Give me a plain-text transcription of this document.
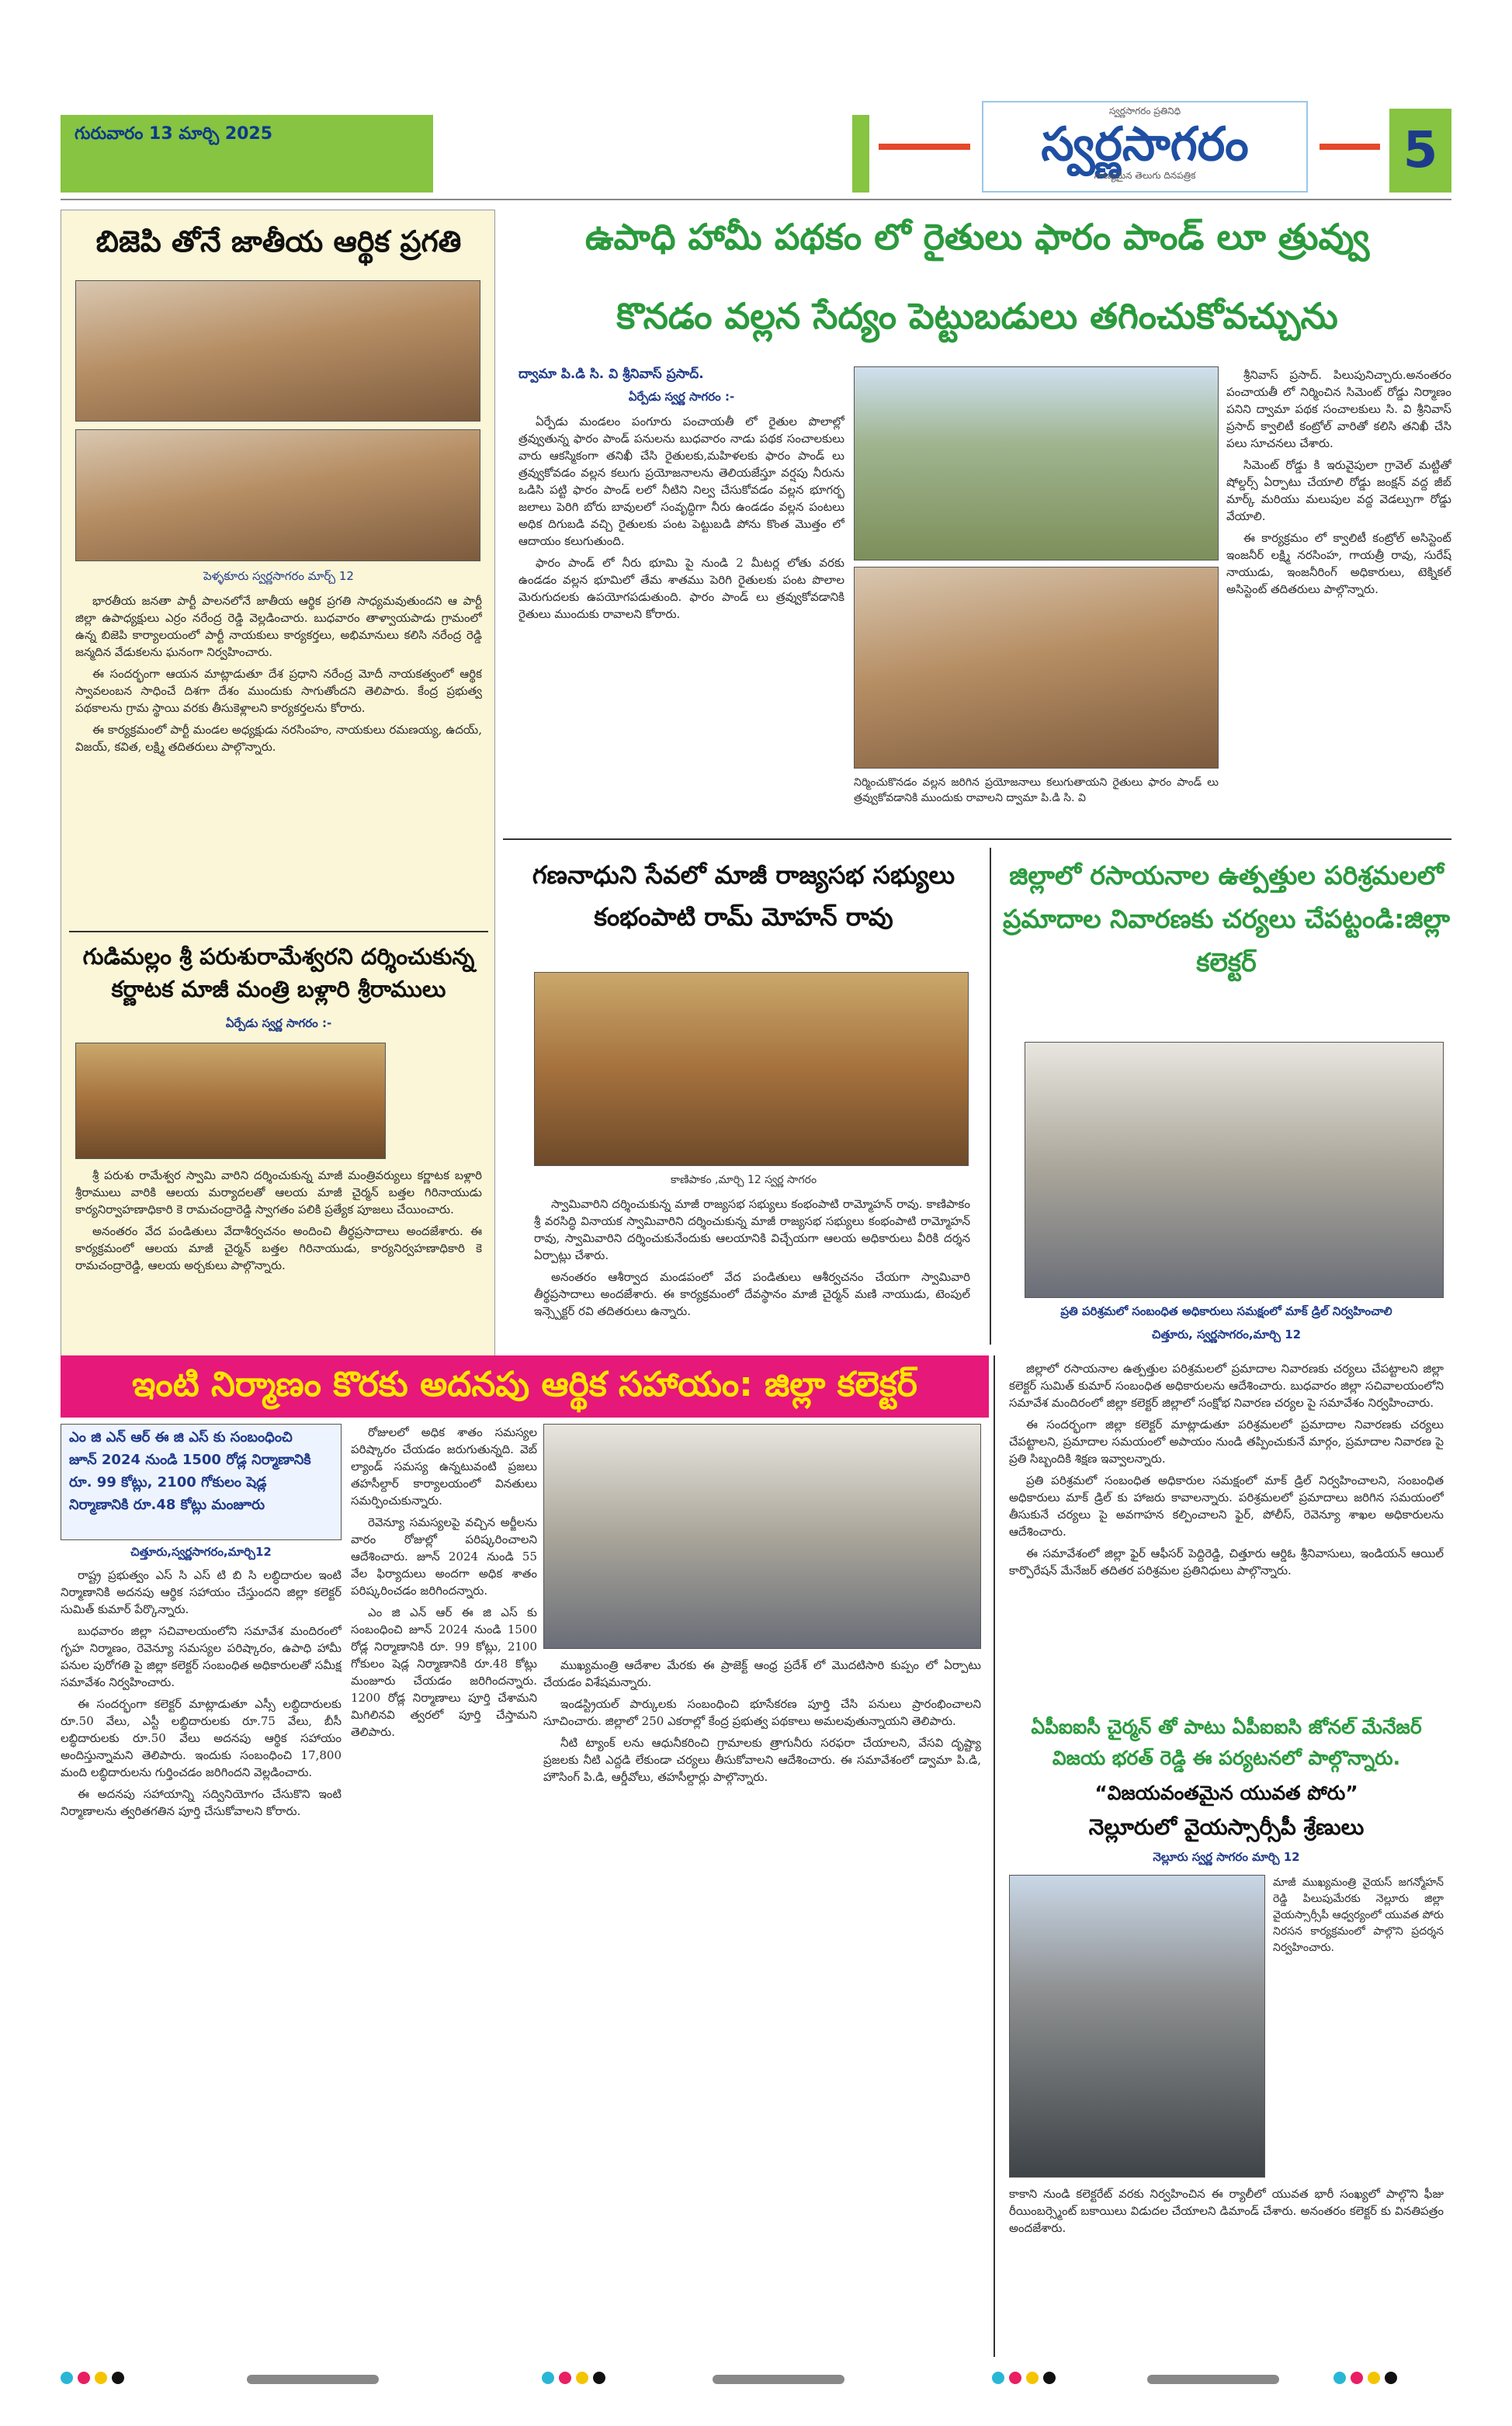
గురువారం 13 మార్చి 2025
స్వర్ణసాగరం ప్రతినిధి
స్వర్ణసాగరం
నాణ్యమైన తెలుగు దినపత్రిక	5
బిజెపి తోనే జాతీయ ఆర్థిక ప్రగతి
పెళ్ళకూరు స్వర్ణసాగరం మార్చ్ 12

భారతీయ జనతా పార్టీ పాలనలోనే జాతీయ ఆర్థిక ప్రగతి సాధ్యమవుతుందని ఆ పార్టీ జిల్లా ఉపాధ్యక్షులు ఎర్రం నరేంద్ర రెడ్డి వెల్లడించారు. బుధవారం తాళ్వాయపాడు గ్రామంలో ఉన్న బిజెపి కార్యాలయంలో పార్టీ నాయకులు కార్యకర్తలు, అభిమానులు కలిసి నరేంద్ర రెడ్డి జన్మదిన వేడుకలను ఘనంగా నిర్వహించారు.

ఈ సందర్భంగా ఆయన మాట్లాడుతూ దేశ ప్రధాని నరేంద్ర మోదీ నాయకత్వంలో ఆర్థిక స్వావలంబన సాధించే దిశగా దేశం ముందుకు సాగుతోందని తెలిపారు. కేంద్ర ప్రభుత్వ పథకాలను గ్రామ స్థాయి వరకు తీసుకెళ్లాలని కార్యకర్తలను కోరారు.

ఈ కార్యక్రమంలో పార్టీ మండల అధ్యక్షుడు నరసింహం, నాయకులు రమణయ్య, ఉదయ్, విజయ్, కవిత, లక్ష్మి తదితరులు పాల్గొన్నారు.

గుడిమల్లం శ్రీ పరుశురామేశ్వరని దర్శించుకున్న కర్ణాటక మాజీ మంత్రి బళ్లారి శ్రీరాములు
ఏర్పేడు స్వర్ణ సాగరం :-

శ్రీ పరుశు రామేశ్వర స్వామి వారిని దర్శించుకున్న మాజీ మంత్రివర్యులు కర్ణాటక బళ్లారి శ్రీరాములు వారికి ఆలయ మర్యాదలతో ఆలయ మాజీ చైర్మన్ బత్తల గిరినాయుడు కార్యనిర్వాహణాధికారి కె రామచంద్రారెడ్డి స్వాగతం పలికి ప్రత్యేక పూజలు చేయించారు.

అనంతరం వేద పండితులు వేదాశీర్వచనం అందించి తీర్థప్రసాదాలు అందజేశారు. ఈ కార్యక్రమంలో ఆలయ మాజీ చైర్మన్ బత్తల గిరినాయుడు, కార్యనిర్వహణాధికారి కె రామచంద్రారెడ్డి, ఆలయ అర్చకులు పాల్గొన్నారు.

ఉపాధి హామీ పథకం లో రైతులు ఫారం పాండ్ లూ త్రువ్వు
కొనడం వల్లన సేద్యం పెట్టుబడులు తగించుకోవచ్చును
ద్వామా పి.డి సి. వి శ్రీనివాస్ ప్రసాద్.
ఏర్పేడు స్వర్ణ సాగరం :-

ఏర్పేడు మండలం పంగూరు పంచాయతీ లో రైతుల పొలాల్లో త్రవ్వుతున్న ఫారం పాండ్ పనులను బుధవారం నాడు పథక సంచాలకులు వారు ఆకస్మికంగా తనిఖీ చేసి రైతులకు,మహిళలకు ఫారం పాండ్ లు త్రవ్వుకోవడం వల్లన కలుగు ప్రయోజనాలను తెలియజేస్తూ వర్షపు నీరును ఒడిసి పట్టి ఫారం పాండ్ లలో నీటిని నిల్వ చేసుకోవడం వల్లన భూగర్భ జలాలు పెరిగి బోరు బావులలో సంవృద్ధిగా నీరు ఉండడం వల్లన పంటలు అధిక దిగుబడి వచ్చి రైతులకు పంట పెట్టుబడి పోను కొంత మొత్తం లో ఆదాయం కలుగుతుంది.

ఫారం పాండ్ లో నీరు భూమి పై నుండి 2 మీటర్ల లోతు వరకు ఉండడం వల్లన భూమిలో తేమ శాతము పెరిగి రైతులకు పంట పొలాల మెరుగుదలకు ఉపయోగపడుతుంది. ఫారం పాండ్ లు త్రవ్వుకోవడానికి రైతులు ముందుకు రావాలని కోరారు.

నిర్మించుకొనడం వల్లన జరిగిన ప్రయోజనాలు కలుగుతాయని రైతులు ఫారం పాండ్ లు త్రవ్వుకోవడానికి ముందుకు రావాలని ద్వామా పి.డి సి. వి

శ్రీనివాస్ ప్రసాద్. పిలుపునిచ్చారు.అనంతరం పంచాయతీ లో నిర్మించిన సిమెంట్ రోడ్డు నిర్మాణం పనిని ద్వామా పథక సంచాలకులు సి. వి శ్రీనివాస్ ప్రసాద్ క్వాలిటీ కంట్రోల్ వారితో కలిసి తనిఖీ చేసి పలు సూచనలు చేశారు.

సిమెంట్ రోడ్డు కి ఇరువైపులా గ్రావెల్ మట్టితో షోల్డర్స్ ఏర్పాటు చేయాలి రోడ్డు జంక్షన్ వద్ద జీబ్ మార్క్ మరియు మలుపుల వద్ద వెడల్పుగా రోడ్డు వేయాలి.

ఈ కార్యక్రమం లో క్వాలిటీ కంట్రోల్ అసిస్టెంట్ ఇంజనీర్ లక్ష్మి నరసింహ, గాయత్రీ రావు, సురేష్ నాయుడు, ఇంజనీరింగ్ అధికారులు, టెక్నికల్ అసిస్టెంట్ తదితరులు పాల్గొన్నారు.

గణనాధుని సేవలో మాజీ రాజ్యసభ సభ్యులు కంభంపాటి రామ్ మోహన్ రావు
కాణిపాకం ,మార్చి 12 స్వర్ణ సాగరం

స్వామివారిని దర్శించుకున్న మాజీ రాజ్యసభ సభ్యులు కంభంపాటి రామ్మోహన్ రావు. కాణిపాకం శ్రీ వరసిద్ధి వినాయక స్వామివారిని దర్శించుకున్న మాజీ రాజ్యసభ సభ్యులు కంభంపాటి రామ్మోహన్ రావు, స్వామివారిని దర్శించుకునేందుకు ఆలయానికి విచ్చేయగా ఆలయ అధికారులు వీరికి దర్శన ఏర్పాట్లు చేశారు.

అనంతరం ఆశీర్వాద మండపంలో వేద పండితులు ఆశీర్వచనం చేయగా స్వామివారి తీర్థప్రసాదాలు అందజేశారు. ఈ కార్యక్రమంలో దేవస్థానం మాజీ చైర్మన్ మణి నాయుడు, టెంపుల్ ఇన్స్పెక్టర్ రవి తదితరులు ఉన్నారు.

జిల్లాలో రసాయనాల ఉత్పత్తుల పరిశ్రమలలో ప్రమాదాల నివారణకు చర్యలు చేపట్టండి:జిల్లా కలెక్టర్
ప్రతి పరిశ్రమలో సంబంధిత అధికారులు సమక్షంలో మాక్ డ్రిల్ నిర్వహించాలి
చిత్తూరు, స్వర్ణసాగరం,మార్చి 12
ఇంటి నిర్మాణం కొరకు అదనపు ఆర్థిక సహాయం: జిల్లా కలెక్టర్	జిల్లాలో రసాయనాల ఉత్పత్తుల పరిశ్రమలలో ప్రమాదాల నివారణకు చర్యలు చేపట్టాలని జిల్లా కలెక్టర్ సుమిత్ కుమార్ సంబంధిత అధికారులను ఆదేశించారు. బుధవారం జిల్లా సచివాలయంలోని సమావేశ మందిరంలో జిల్లా కలెక్టర్ జిల్లాలో సంక్షోభ నివారణ చర్యల పై సమావేశం నిర్వహించారు.

ఈ సందర్భంగా జిల్లా కలెక్టర్ మాట్లాడుతూ పరిశ్రమలలో ప్రమాదాల నివారణకు చర్యలు చేపట్టాలని, ప్రమాదాల సమయంలో అపాయం నుండి తప్పించుకునే మార్గం, ప్రమాదాల నివారణ పై ప్రతి సిబ్బందికి శిక్షణ ఇవ్వాలన్నారు.

ప్రతి పరిశ్రమలో సంబంధిత అధికారుల సమక్షంలో మాక్ డ్రిల్ నిర్వహించాలని, సంబంధిత అధికారులు మాక్ డ్రిల్ కు హాజరు కావాలన్నారు. పరిశ్రమలలో ప్రమాదాలు జరిగిన సమయంలో తీసుకునే చర్యలు పై అవగాహన కల్పించాలని ఫైర్, పోలీస్, రెవెన్యూ శాఖల అధికారులను ఆదేశించారు.

ఈ సమావేశంలో జిల్లా ఫైర్ ఆఫీసర్ పెద్దిరెడ్డి, చిత్తూరు ఆర్డిఓ శ్రీనివాసులు, ఇండియన్ ఆయిల్ కార్పొరేషన్ మేనేజర్ తదితర పరిశ్రమల ప్రతినిధులు పాల్గొన్నారు.

ఏపీఐఐసీ చైర్మన్ తో పాటు ఏపీఐఐసి జోనల్ మేనేజర్ విజయ భరత్ రెడ్డి ఈ పర్యటనలో పాల్గొన్నారు.
“విజయవంతమైన యువత పోరు”
నెల్లూరులో వైయస్సార్సీపీ శ్రేణులు
నెల్లూరు స్వర్ణ సాగరం మార్చి 12
మాజీ ముఖ్యమంత్రి వైయస్ జగన్మోహన్ రెడ్డి పిలుపుమేరకు నెల్లూరు జిల్లా వైయస్సార్సీపీ ఆధ్వర్యంలో యువత పోరు నిరసన కార్యక్రమంలో పాల్గొని ప్రదర్శన నిర్వహించారు.
కాకాని నుండి కలెక్టరేట్ వరకు నిర్వహించిన ఈ ర్యాలీలో యువత భారీ సంఖ్యలో పాల్గొని ఫీజు రీయింబర్స్మెంట్ బకాయిలు విడుదల చేయాలని డిమాండ్ చేశారు. అనంతరం కలెక్టర్ కు వినతిపత్రం అందజేశారు.
ఎం జి ఎన్ ఆర్ ఈ జి ఎస్ కు సంబంధించి
జూన్ 2024 నుండి 1500 రోడ్ల నిర్మాణానికి
రూ. 99 కోట్లు, 2100 గోకులం షెడ్ల
నిర్మాణానికి రూ.48 కోట్లు మంజూరు
చిత్తూరు,స్వర్ణసాగరం,మార్చి12

రాష్ట్ర ప్రభుత్వం ఎస్ సి ఎస్ టి బి సి లబ్ధిదారుల ఇంటి నిర్మాణానికి అదనపు ఆర్థిక సహాయం చేస్తుందని జిల్లా కలెక్టర్ సుమిత్ కుమార్ పేర్కొన్నారు.

బుధవారం జిల్లా సచివాలయంలోని సమావేశ మందిరంలో గృహ నిర్మాణం, రెవెన్యూ సమస్యల పరిష్కారం, ఉపాధి హామీ పనుల పురోగతి పై జిల్లా కలెక్టర్ సంబంధిత అధికారులతో సమీక్ష సమావేశం నిర్వహించారు.

ఈ సందర్భంగా కలెక్టర్ మాట్లాడుతూ ఎస్సీ లబ్ధిదారులకు రూ.50 వేలు, ఎస్టీ లబ్ధిదారులకు రూ.75 వేలు, బీసీ లబ్ధిదారులకు రూ.50 వేలు అదనపు ఆర్థిక సహాయం అందిస్తున్నామని తెలిపారు. ఇందుకు సంబంధించి 17,800 మంది లబ్ధిదారులను గుర్తించడం జరిగిందని వెల్లడించారు.

ఈ అదనపు సహాయాన్ని సద్వినియోగం చేసుకొని ఇంటి నిర్మాణాలను త్వరితగతిన పూర్తి చేసుకోవాలని కోరారు.

రోజులలో అధిక శాతం సమస్యల పరిష్కారం చేయడం జరుగుతున్నది. వెబ్ ల్యాండ్ సమస్య ఉన్నటువంటి ప్రజలు తహసీల్దార్ కార్యాలయంలో వినతులు సమర్పించుకున్నారు.

రెవెన్యూ సమస్యలపై వచ్చిన అర్జీలను వారం రోజుల్లో పరిష్కరించాలని ఆదేశించారు. జూన్ 2024 నుండి 55 వేల ఫిర్యాదులు అందగా అధిక శాతం పరిష్కరించడం జరిగిందన్నారు.

ఎం జి ఎన్ ఆర్ ఈ జి ఎస్ కు సంబంధించి జూన్ 2024 నుండి 1500 రోడ్ల నిర్మాణానికి రూ. 99 కోట్లు, 2100 గోకులం షెడ్ల నిర్మాణానికి రూ.48 కోట్లు మంజూరు చేయడం జరిగిందన్నారు. 1200 రోడ్ల నిర్మాణాలు పూర్తి చేశామని మిగిలినవి త్వరలో పూర్తి చేస్తామని తెలిపారు.

ముఖ్యమంత్రి ఆదేశాల మేరకు ఈ ప్రాజెక్ట్ ఆంధ్ర ప్రదేశ్ లో మొదటిసారి కుప్పం లో ఏర్పాటు చేయడం విశేషమన్నారు.

ఇండస్ట్రియల్ పార్కులకు సంబంధించి భూసేకరణ పూర్తి చేసి పనులు ప్రారంభించాలని సూచించారు. జిల్లాలో 250 ఎకరాల్లో కేంద్ర ప్రభుత్వ పథకాలు అమలవుతున్నాయని తెలిపారు.

నీటి ట్యాంక్ లను ఆధునీకరించి గ్రామాలకు త్రాగునీరు సరఫరా చేయాలని, వేసవి దృష్ట్యా ప్రజలకు నీటి ఎద్దడి లేకుండా చర్యలు తీసుకోవాలని ఆదేశించారు. ఈ సమావేశంలో డ్వామా పి.డి, హౌసింగ్ పి.డి, ఆర్డీవోలు, తహసీల్దార్లు పాల్గొన్నారు.
